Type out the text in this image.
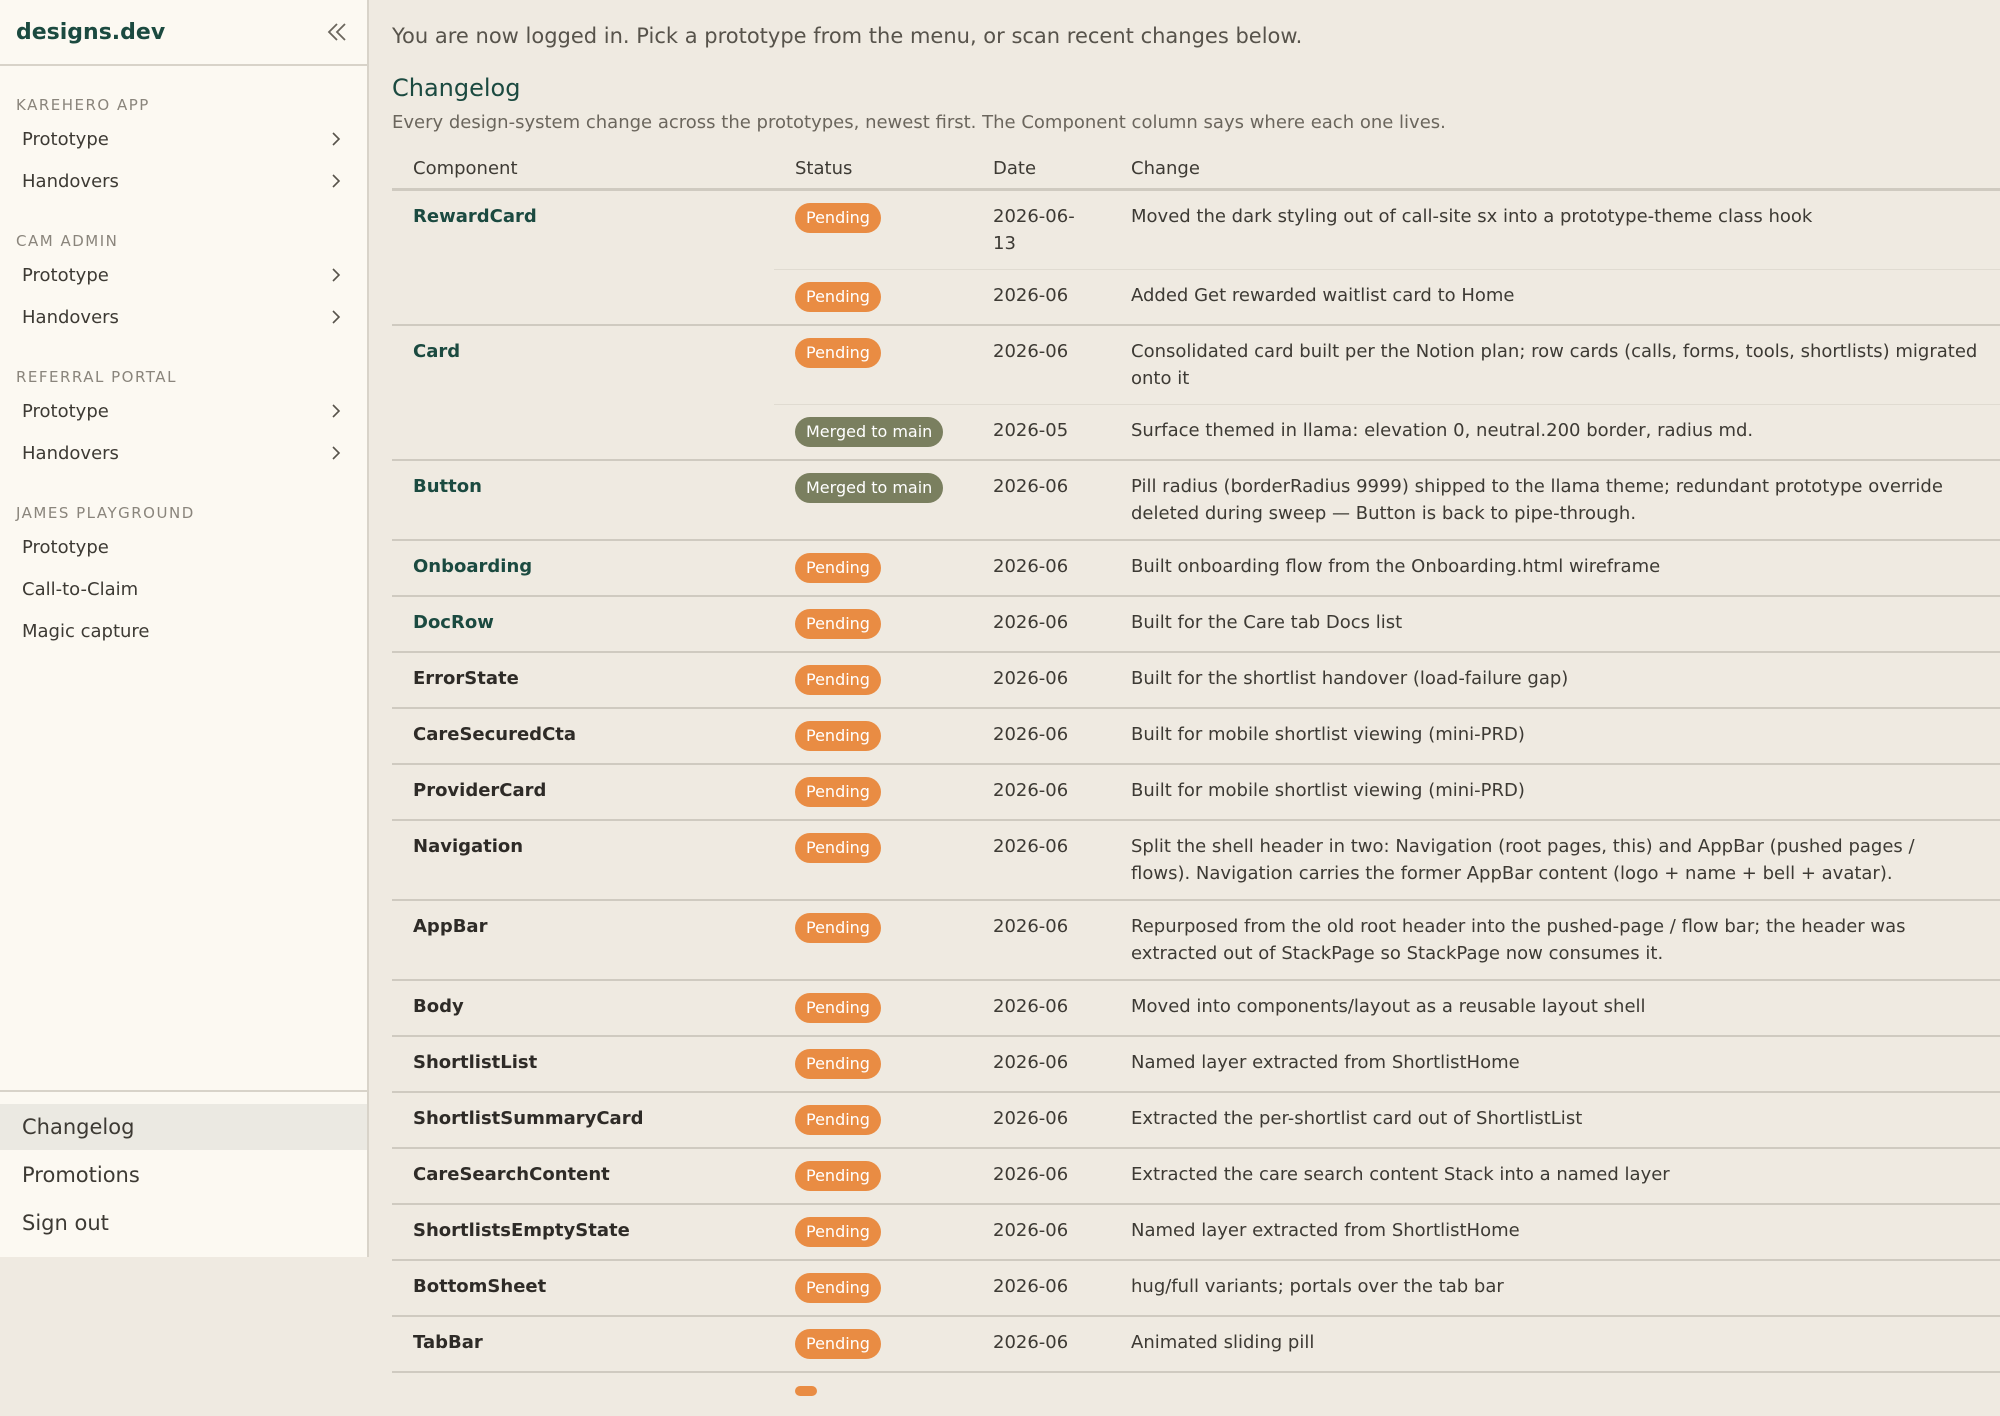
designs.dev
KAREHERO APP
Prototype
Handovers
CAM ADMIN
Prototype
Handovers
REFERRAL PORTAL
Prototype
Handovers
JAMES PLAYGROUND
Prototype
Call-to-Claim
Magic capture
Changelog
Promotions
Sign out
You are now logged in. Pick a prototype from the menu, or scan recent changes below.
Changelog
Every design-system change across the prototypes, newest first. The Component column says where each one lives.
Component	Status	Date	Change
RewardCard	Pending	2026-06-13	Moved the dark styling out of call-site sx into a prototype-theme class hook
	Pending	2026-06	Added Get rewarded waitlist card to Home
Card	Pending	2026-06	Consolidated card built per the Notion plan; row cards (calls, forms, tools, shortlists) migrated onto it
	Merged to main	2026-05	Surface themed in llama: elevation 0, neutral.200 border, radius md.
Button	Merged to main	2026-06	Pill radius (borderRadius 9999) shipped to the llama theme; redundant prototype override deleted during sweep — Button is back to pipe-through.
Onboarding	Pending	2026-06	Built onboarding flow from the Onboarding.html wireframe
DocRow	Pending	2026-06	Built for the Care tab Docs list
ErrorState	Pending	2026-06	Built for the shortlist handover (load-failure gap)
CareSecuredCta	Pending	2026-06	Built for mobile shortlist viewing (mini-PRD)
ProviderCard	Pending	2026-06	Built for mobile shortlist viewing (mini-PRD)
Navigation	Pending	2026-06	Split the shell header in two: Navigation (root pages, this) and AppBar (pushed pages / flows). Navigation carries the former AppBar content (logo + name + bell + avatar).
AppBar	Pending	2026-06	Repurposed from the old root header into the pushed-page / flow bar; the header was extracted out of StackPage so StackPage now consumes it.
Body	Pending	2026-06	Moved into components/layout as a reusable layout shell
ShortlistList	Pending	2026-06	Named layer extracted from ShortlistHome
ShortlistSummaryCard	Pending	2026-06	Extracted the per-shortlist card out of ShortlistList
CareSearchContent	Pending	2026-06	Extracted the care search content Stack into a named layer
ShortlistsEmptyState	Pending	2026-06	Named layer extracted from ShortlistHome
BottomSheet	Pending	2026-06	hug/full variants; portals over the tab bar
TabBar	Pending	2026-06	Animated sliding pill
